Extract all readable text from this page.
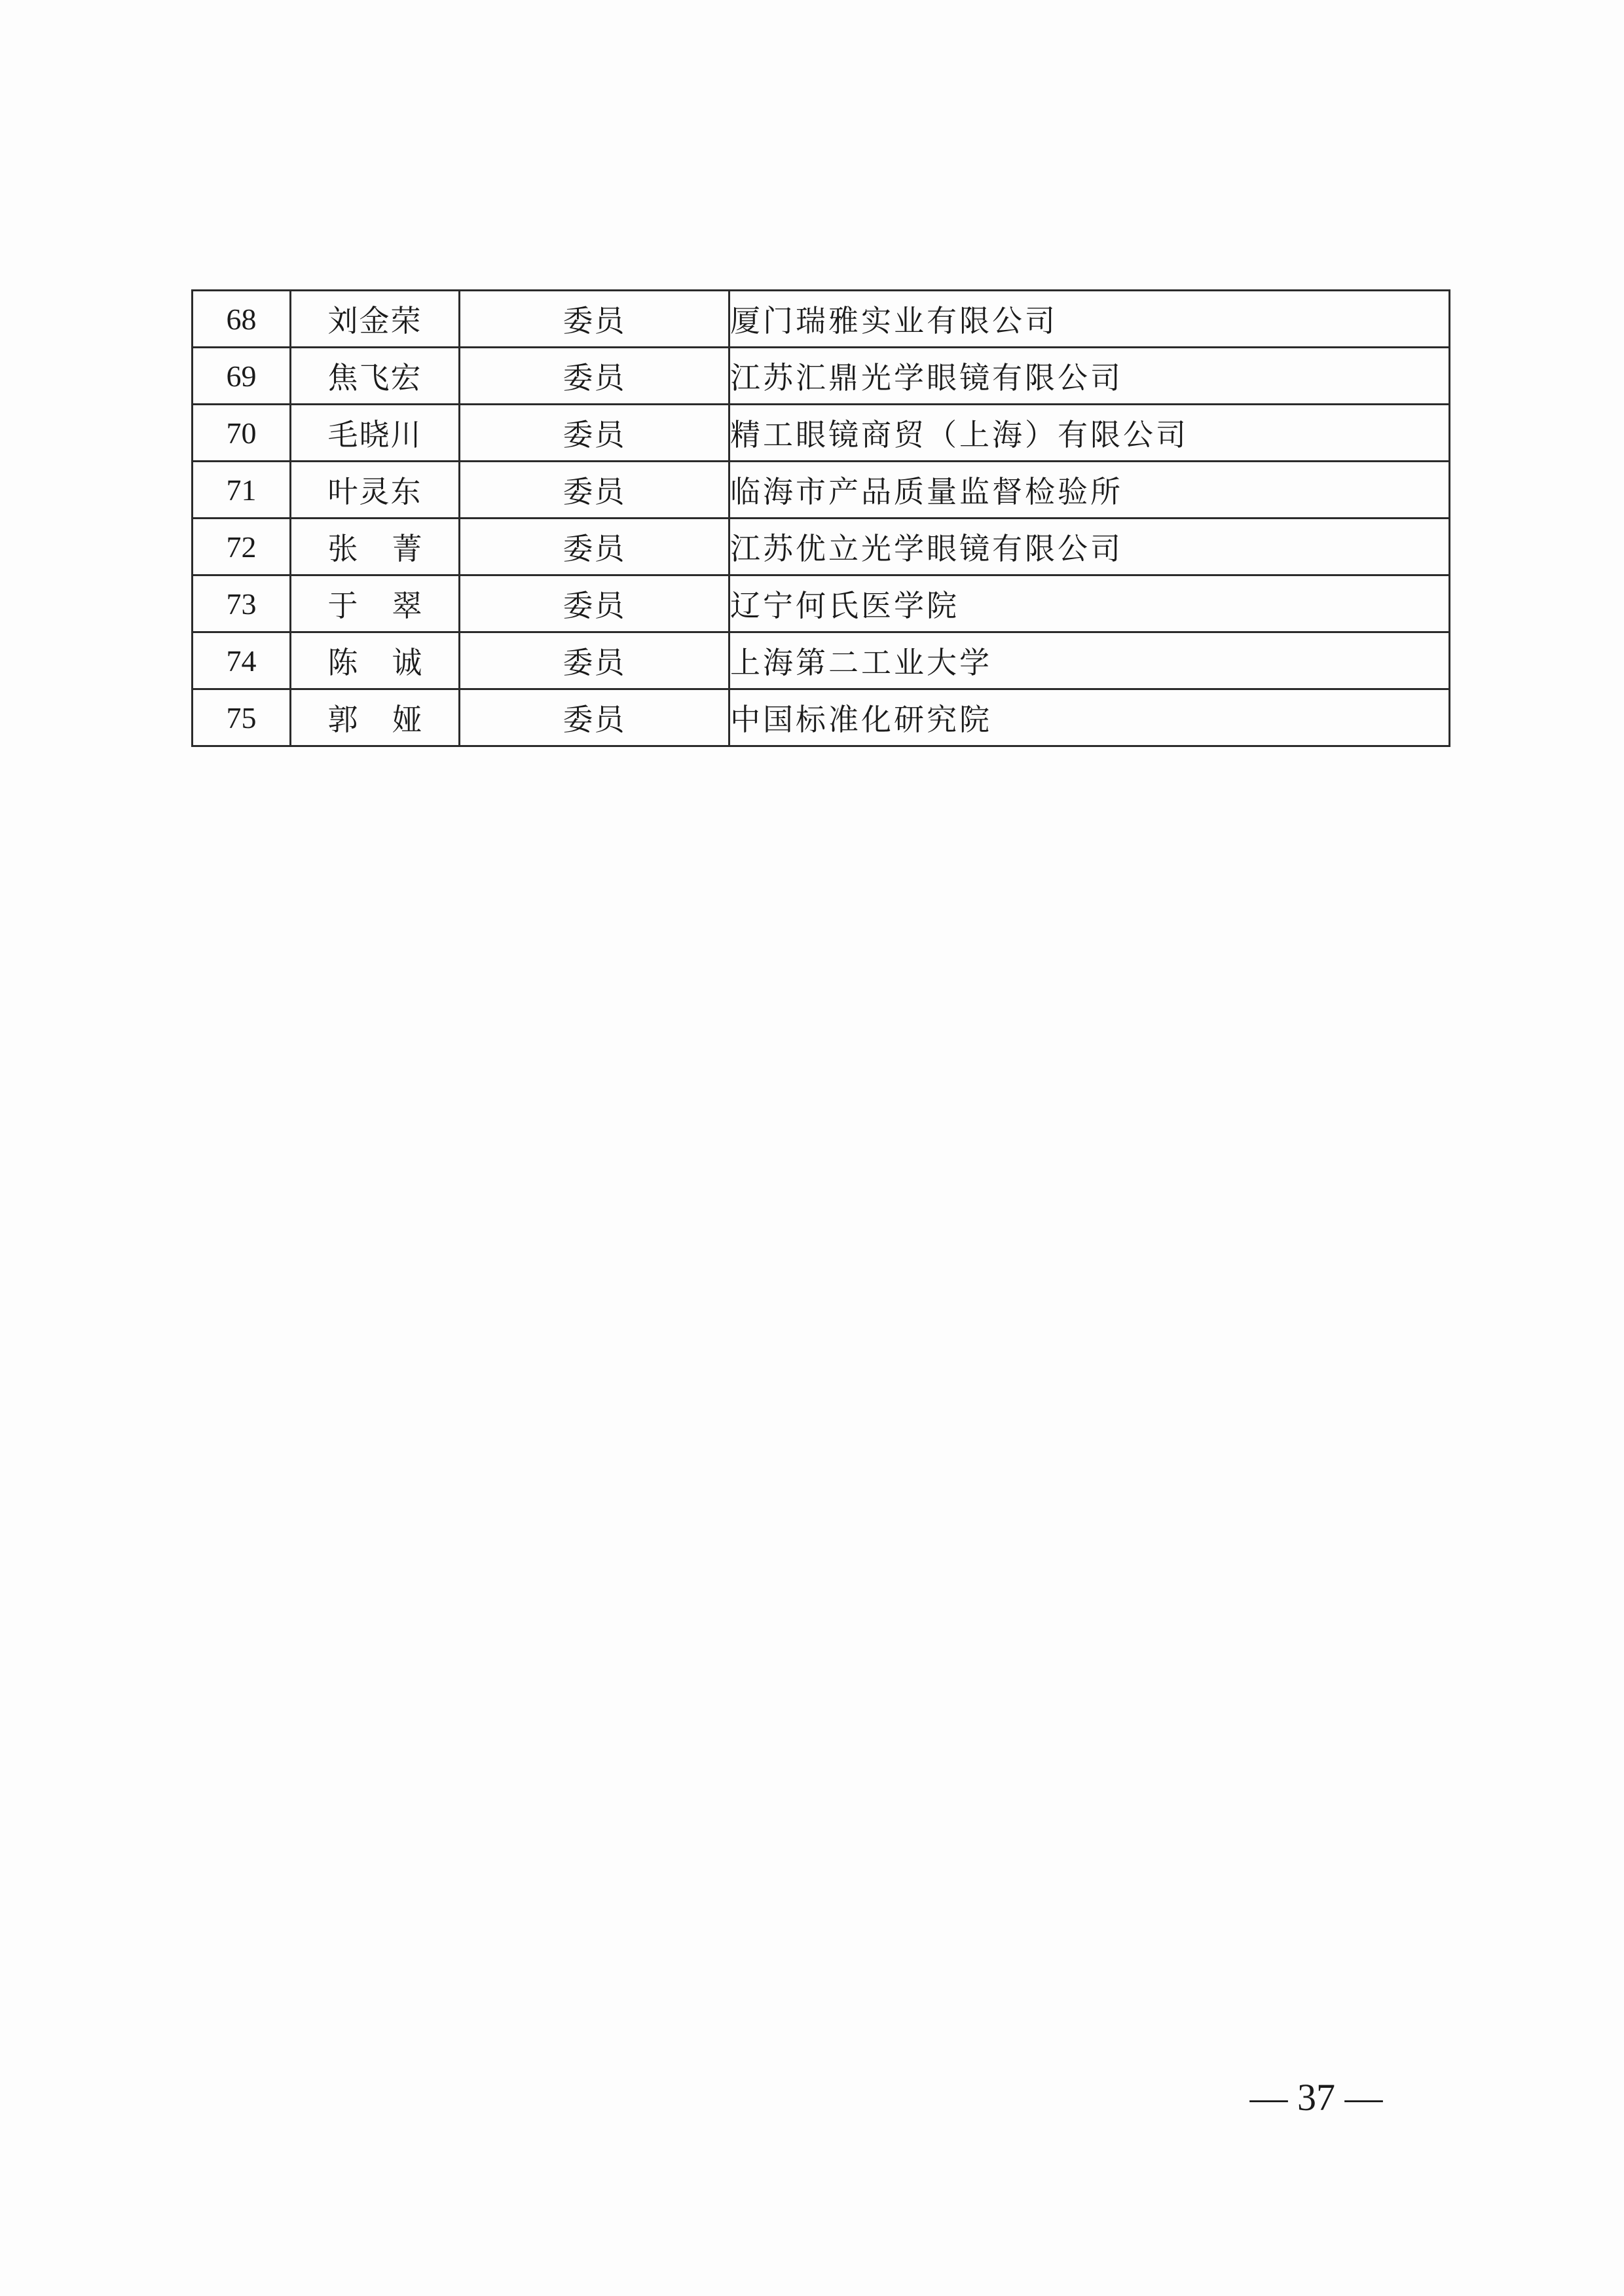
68	刘金荣	委员	厦门瑞雅实业有限公司
69	焦飞宏	委员	江苏汇鼎光学眼镜有限公司
70	毛晓川	委员	精工眼镜商贸（上海）有限公司
71	叶灵东	委员	临海市产品质量监督检验所
72	张菁	委员	江苏优立光学眼镜有限公司
73	于翠	委员	辽宁何氏医学院
74	陈诚	委员	上海第二工业大学
75	郭娅	委员	中国标准化研究院
— 37 —
